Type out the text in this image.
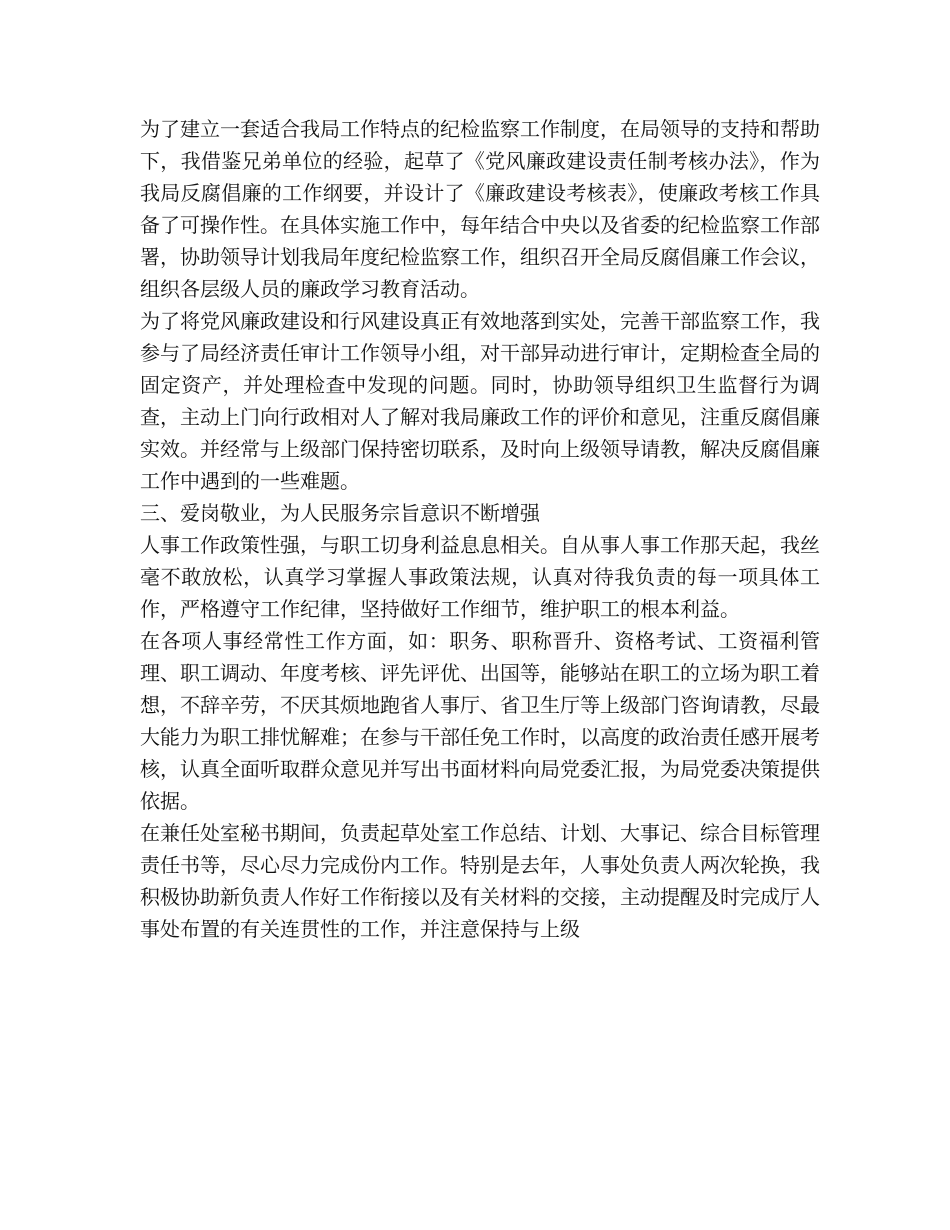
为了建立一套适合我局工作特点的纪检监察工作制度，在局领导的支持和帮助下，我借鉴兄弟单位的经验，起草了《党风廉政建设责任制考核办法》，作为我局反腐倡廉的工作纲要，并设计了《廉政建设考核表》，使廉政考核工作具备了可操作性。在具体实施工作中，每年结合中央以及省委的纪检监察工作部署，协助领导计划我局年度纪检监察工作，组织召开全局反腐倡廉工作会议，组织各层级人员的廉政学习教育活动。

为了将党风廉政建设和行风建设真正有效地落到实处，完善干部监察工作，我参与了局经济责任审计工作领导小组，对干部异动进行审计，定期检查全局的固定资产，并处理检查中发现的问题。同时，协助领导组织卫生监督行为调查，主动上门向行政相对人了解对我局廉政工作的评价和意见，注重反腐倡廉实效。并经常与上级部门保持密切联系，及时向上级领导请教，解决反腐倡廉工作中遇到的一些难题。

三、爱岗敬业，为人民服务宗旨意识不断增强

人事工作政策性强，与职工切身利益息息相关。自从事人事工作那天起，我丝毫不敢放松，认真学习掌握人事政策法规，认真对待我负责的每一项具体工作，严格遵守工作纪律，坚持做好工作细节，维护职工的根本利益。

在各项人事经常性工作方面，如：职务、职称晋升、资格考试、工资福利管理、职工调动、年度考核、评先评优、出国等，能够站在职工的立场为职工着想，不辞辛劳，不厌其烦地跑省人事厅、省卫生厅等上级部门咨询请教，尽最大能力为职工排忧解难；在参与干部任免工作时，以高度的政治责任感开展考核，认真全面听取群众意见并写出书面材料向局党委汇报，为局党委决策提供依据。

在兼任处室秘书期间，负责起草处室工作总结、计划、大事记、综合目标管理责任书等，尽心尽力完成份内工作。特别是去年，人事处负责人两次轮换，我积极协助新负责人作好工作衔接以及有关材料的交接，主动提醒及时完成厅人事处布置的有关连贯性的工作，并注意保持与上级
